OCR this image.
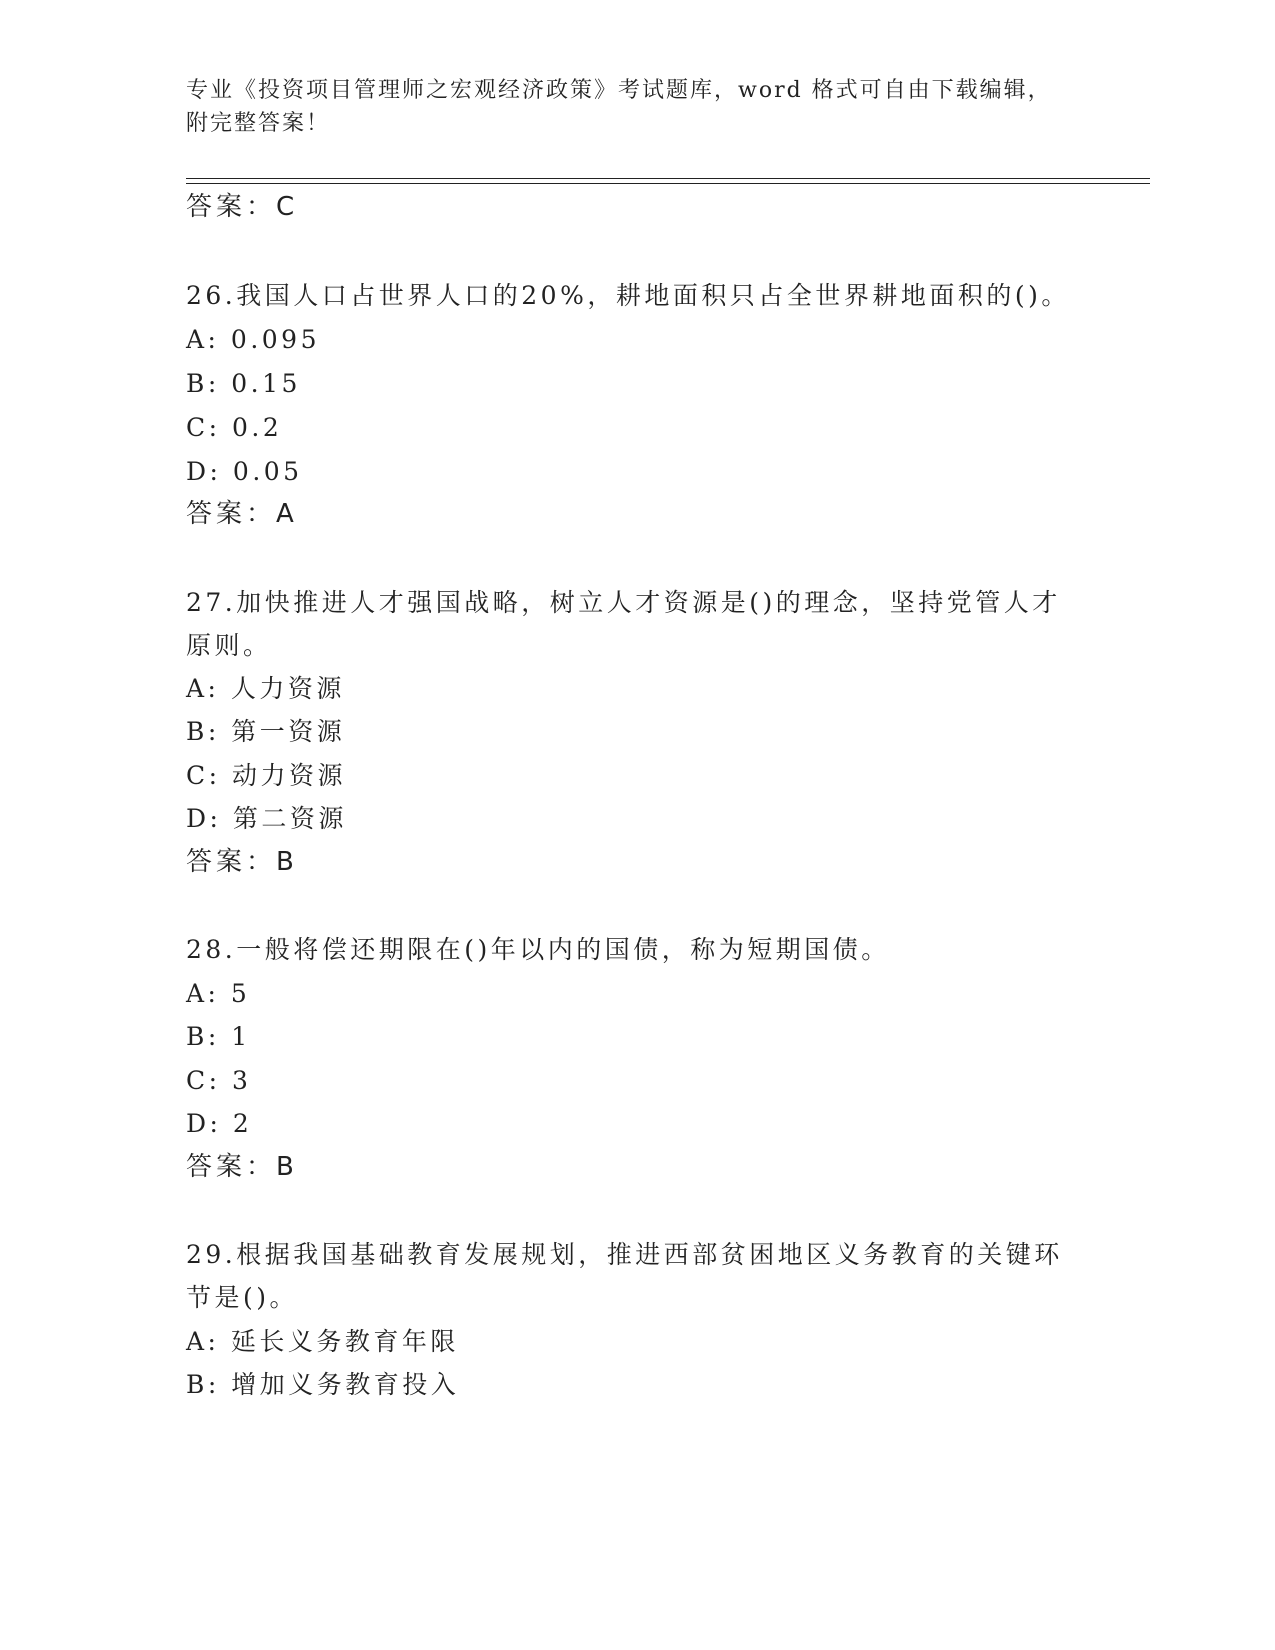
专业《投资项目管理师之宏观经济政策》考试题库，word 格式可自由下载编辑，
附完整答案！
答案：C
26.我国人口占世界人口的20%，耕地面积只占全世界耕地面积的()。
A: 0.095
B: 0.15
C: 0.2
D: 0.05
答案：A
27.加快推进人才强国战略，树立人才资源是()的理念，坚持党管人才
原则。
A: 人力资源
B: 第一资源
C: 动力资源
D: 第二资源
答案：B
28.一般将偿还期限在()年以内的国债，称为短期国债。
A: 5
B: 1
C: 3
D: 2
答案：B
29.根据我国基础教育发展规划，推进西部贫困地区义务教育的关键环
节是()。
A: 延长义务教育年限
B: 增加义务教育投入
